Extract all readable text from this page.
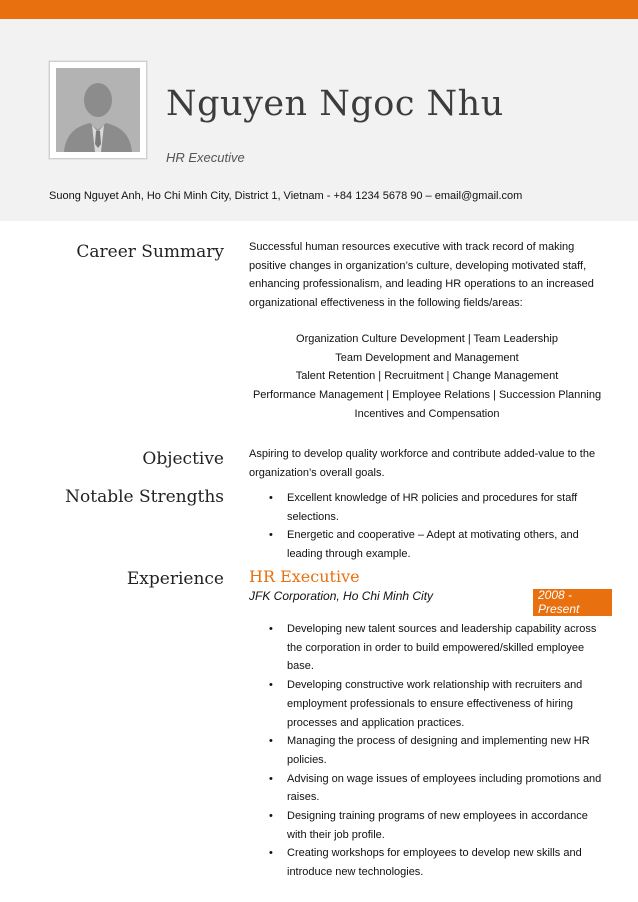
Nguyen Ngoc Nhu
HR Executive
Suong Nguyet Anh, Ho Chi Minh City, District 1, Vietnam - +84 1234 5678 90 – email@gmail.com
Career Summary Successful human resources executive with track record of making positive changes in organization’s culture, developing motivated staff, enhancing professionalism, and leading HR operations to an increased organizational effectiveness in the following fields/areas:
Organization Culture Development | Team Leadership
Team Development and Management
Talent Retention | Recruitment | Change Management
Performance Management | Employee Relations | Succession Planning
Incentives and Compensation
Objective Aspiring to develop quality workforce and contribute added-value to the organization’s overall goals.
Notable Strengths
•	Excellent knowledge of HR policies and procedures for staff selections.
• Energetic and cooperative – Adept at motivating others, and leading through example.
Experience HR Executive
JFK Corporation, Ho Chi Minh City	2008 -
Present
• Developing new talent sources and leadership capability across the corporation in order to build empowered/skilled employee base.
• Developing constructive work relationship with recruiters and employment professionals to ensure effectiveness of hiring processes and application practices.
• Managing the process of designing and implementing new HR policies.
• Advising on wage issues of employees including promotions and raises.
• Designing training programs of new employees in accordance with their job profile.
• Creating workshops for employees to develop new skills and introduce new technologies.
